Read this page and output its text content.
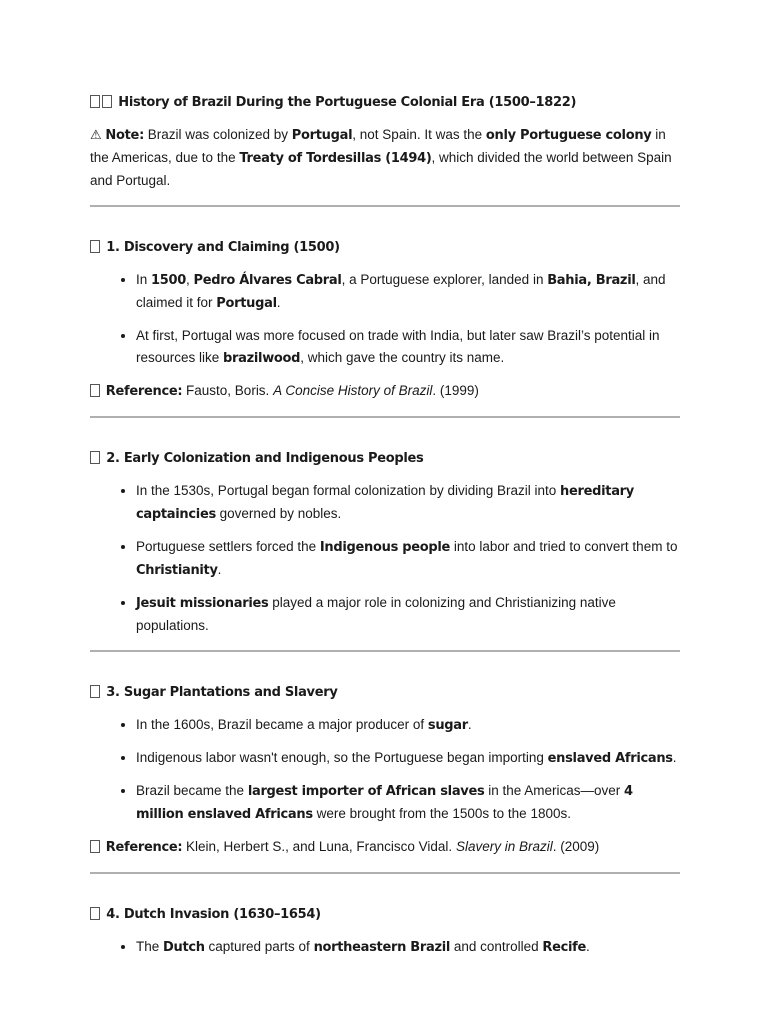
History of Brazil During the Portuguese Colonial Era (1500–1822)

⚠ Note: Brazil was colonized by Portugal, not Spain. It was the only Portuguese colony in the Americas, due to the Treaty of Tordesillas (1494), which divided the world between Spain and Portugal.

1. Discovery and Claiming (1500)
• In 1500, Pedro Álvares Cabral, a Portuguese explorer, landed in Bahia, Brazil, and claimed it for Portugal.
• At first, Portugal was more focused on trade with India, but later saw Brazil’s potential in resources like brazilwood, which gave the country its name.

Reference: Fausto, Boris. A Concise History of Brazil. (1999)

2. Early Colonization and Indigenous Peoples
• In the 1530s, Portugal began formal colonization by dividing Brazil into hereditary captaincies governed by nobles.
• Portuguese settlers forced the Indigenous people into labor and tried to convert them to Christianity.
• Jesuit missionaries played a major role in colonizing and Christianizing native populations.
3. Sugar Plantations and Slavery
• In the 1600s, Brazil became a major producer of sugar.
• Indigenous labor wasn't enough, so the Portuguese began importing enslaved Africans.
• Brazil became the largest importer of African slaves in the Americas—over 4 million enslaved Africans were brought from the 1500s to the 1800s.

Reference: Klein, Herbert S., and Luna, Francisco Vidal. Slavery in Brazil. (2009)

4. Dutch Invasion (1630–1654)
• The Dutch captured parts of northeastern Brazil and controlled Recife.
